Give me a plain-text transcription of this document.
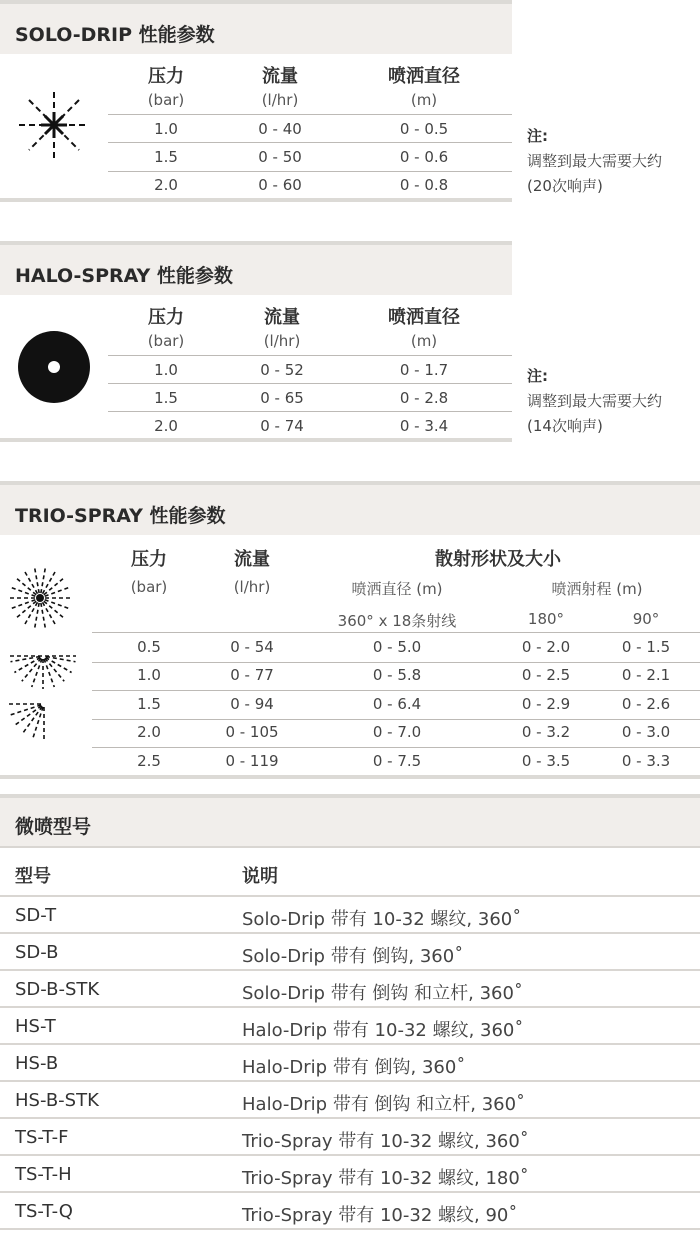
SOLO-DRIP 性能参数
压力	流量	喷洒直径
(bar)	(l/hr)	(m)
1.0	0 - 40	0 - 0.5
1.5	0 - 50	0 - 0.6
2.0	0 - 60	0 - 0.8
注:
调整到最大需要大约
(20次响声)
HALO-SPRAY 性能参数
压力	流量	喷洒直径
(bar)	(l/hr)	(m)
1.0	0 - 52	0 - 1.7
1.5	0 - 65	0 - 2.8
2.0	0 - 74	0 - 3.4
注:
调整到最大需要大约
(14次响声)
TRIO-SPRAY 性能参数
压力	流量	散射形状及大小
(bar)	(l/hr)	喷洒直径 (m)	喷洒射程 (m)
360° x 18条射线	180°	90°
0.5	0 - 54	0 - 5.0	0 - 2.0	0 - 1.5
1.0	0 - 77	0 - 5.8	0 - 2.5	0 - 2.1
1.5	0 - 94	0 - 6.4	0 - 2.9	0 - 2.6
2.0	0 - 105	0 - 7.0	0 - 3.2	0 - 3.0
2.5	0 - 119	0 - 7.5	0 - 3.5	0 - 3.3
微喷型号
型号	说明
SD-T	Solo-Drip 带有 10-32 螺纹, 360˚
SD-B	Solo-Drip 带有 倒钩, 360˚
SD-B-STK	Solo-Drip 带有 倒钩 和立杆, 360˚
HS-T	Halo-Drip 带有 10-32 螺纹, 360˚
HS-B	Halo-Drip 带有 倒钩, 360˚
HS-B-STK	Halo-Drip 带有 倒钩 和立杆, 360˚
TS-T-F	Trio-Spray 带有 10-32 螺纹, 360˚
TS-T-H	Trio-Spray 带有 10-32 螺纹, 180˚
TS-T-Q	Trio-Spray 带有 10-32 螺纹, 90˚
